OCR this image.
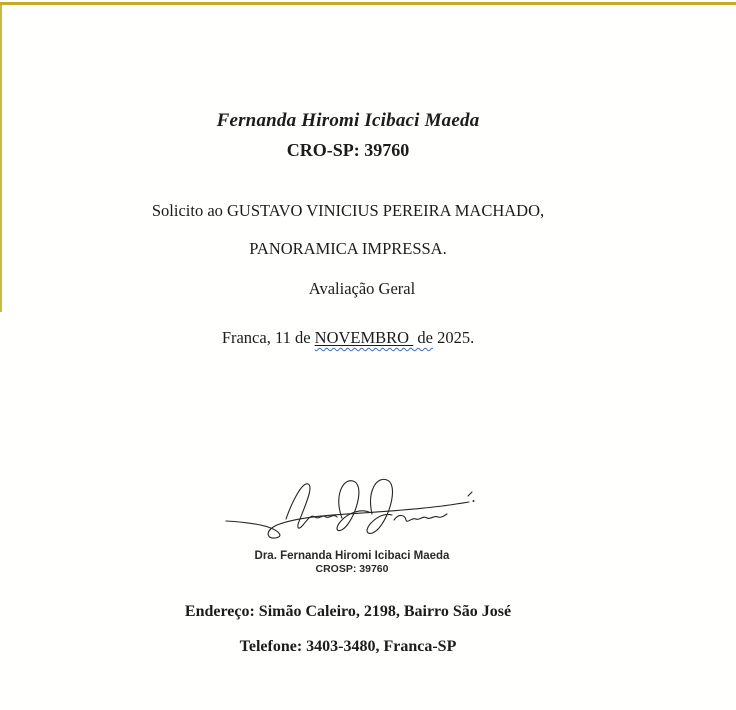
Fernanda Hiromi Icibaci Maeda
CRO-SP: 39760
Solicito ao GUSTAVO VINICIUS PEREIRA MACHADO,
PANORAMICA IMPRESSA.
Avaliação Geral
Franca, 11 de NOVEMBRO  de 2025.
Dra. Fernanda Hiromi Icibaci Maeda
CROSP: 39760
Endereço: Simão Caleiro, 2198, Bairro São José
Telefone: 3403-3480, Franca-SP
